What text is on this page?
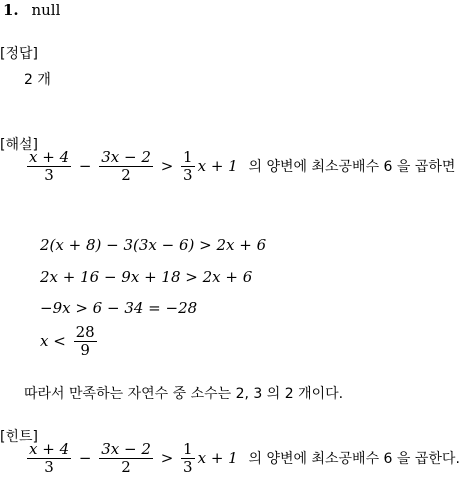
1. null
[정답]
2 개
[해설]
$\frac{x + 4}{3} - \frac{3x - 2}{2} > \frac{1}{3}$ x + 1 의 양변에 최소공배수 6 을 곱하면
2(x + 8) − 3(3x − 6) > 2x + 6
2x + 16 − 9x + 18 > 2x + 6
−9x > 6 − 34 = −28
$x < \frac{28}{9}$
따라서 만족하는 자연수 중 소수는 2, 3 의 2 개이다.
[힌트]
$\frac{x + 4}{3} - \frac{3x - 2}{2} > \frac{1}{3}$ x + 1 의 양변에 최소공배수 6 을 곱한다.
